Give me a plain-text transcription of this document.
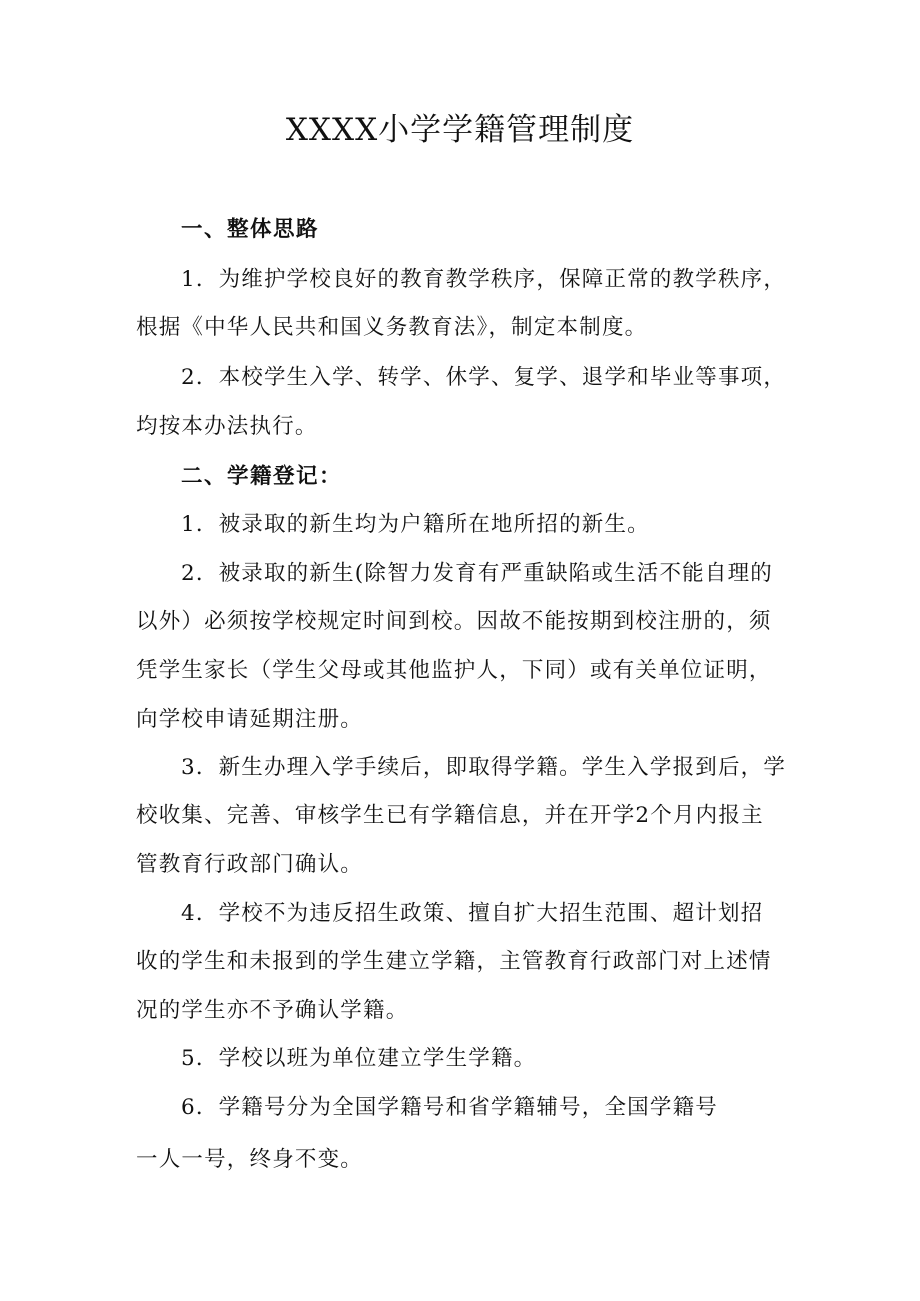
XXXX小学学籍管理制度
一、整体思路
1．为维护学校良好的教育教学秩序，保障正常的教学秩序，
根据《中华人民共和国义务教育法》，制定本制度。
2．本校学生入学、转学、休学、复学、退学和毕业等事项，
均按本办法执行。
二、学籍登记：
1．被录取的新生均为户籍所在地所招的新生。
2．被录取的新生(除智力发育有严重缺陷或生活不能自理的
以外）必须按学校规定时间到校。因故不能按期到校注册的，须
凭学生家长（学生父母或其他监护人，下同）或有关单位证明，
向学校申请延期注册。
3．新生办理入学手续后，即取得学籍。学生入学报到后，学
校收集、完善、审核学生已有学籍信息，并在开学2个月内报主
管教育行政部门确认。
4．学校不为违反招生政策、擅自扩大招生范围、超计划招
收的学生和未报到的学生建立学籍，主管教育行政部门对上述情
况的学生亦不予确认学籍。
5．学校以班为单位建立学生学籍。
6．学籍号分为全国学籍号和省学籍辅号，全国学籍号
一人一号，终身不变。
